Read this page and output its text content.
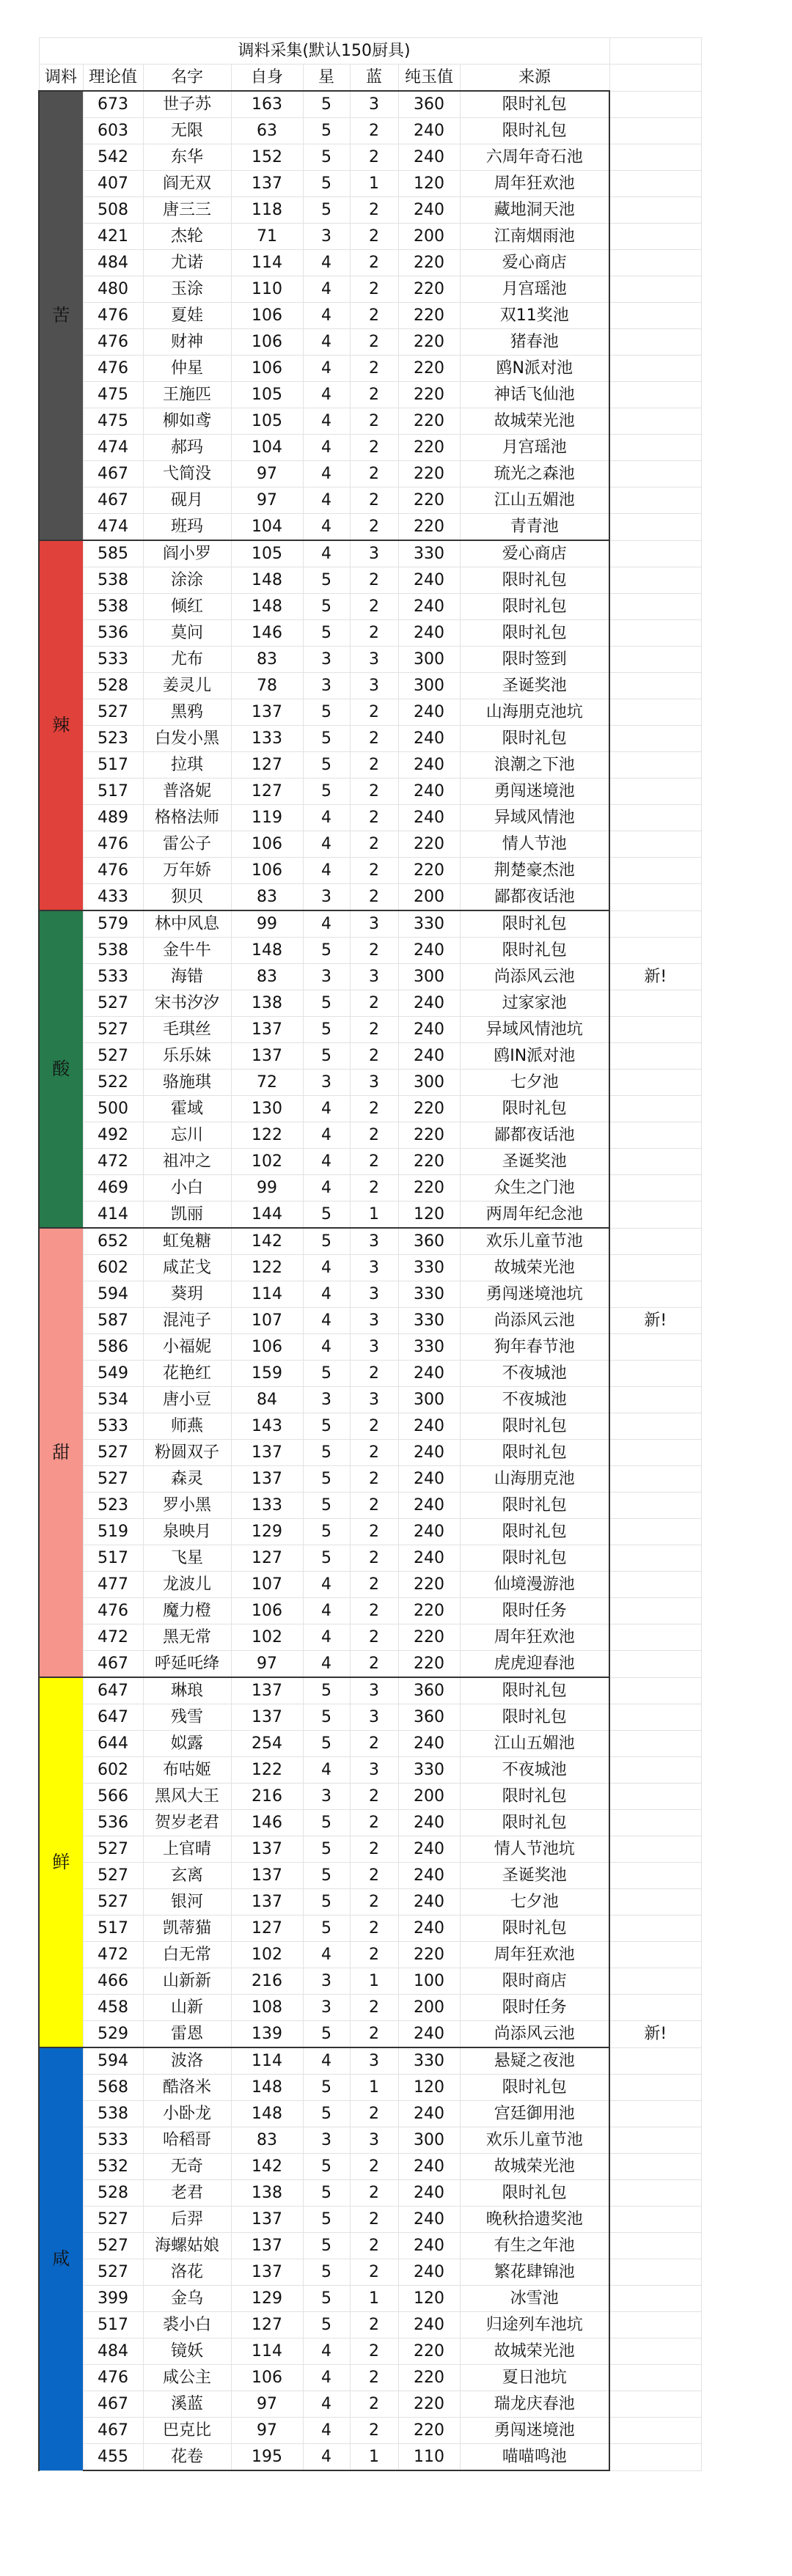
调料采集(默认150厨具)								
调料	理论值	名字	自身	星	蓝	纯玉值	来源	
苦	673	世子苏	163	5	3	360	限时礼包	
	603	无限	63	5	2	240	限时礼包	
	542	东华	152	5	2	240	六周年奇石池	
	407	阎无双	137	5	1	120	周年狂欢池	
	508	唐三三	118	5	2	240	藏地洞天池	
	421	杰轮	71	3	2	200	江南烟雨池	
	484	尤诺	114	4	2	220	爱心商店	
	480	玉涂	110	4	2	220	月宫瑶池	
	476	夏娃	106	4	2	220	双11奖池	
	476	财神	106	4	2	220	猪春池	
	476	仲星	106	4	2	220	鸥N派对池	
	475	王施匹	105	4	2	220	神话飞仙池	
	475	柳如鸢	105	4	2	220	故城荣光池	
	474	郝玛	104	4	2	220	月宫瑶池	
	467	弋简没	97	4	2	220	琉光之森池	
	467	砚月	97	4	2	220	江山五媚池	
	474	班玛	104	4	2	220	青青池	
辣	585	阎小罗	105	4	3	330	爱心商店	
	538	涂涂	148	5	2	240	限时礼包	
	538	倾红	148	5	2	240	限时礼包	
	536	莫问	146	5	2	240	限时礼包	
	533	尤布	83	3	3	300	限时签到	
	528	姜灵儿	78	3	3	300	圣诞奖池	
	527	黑鸦	137	5	2	240	山海朋克池坑	
	523	白发小黑	133	5	2	240	限时礼包	
	517	拉琪	127	5	2	240	浪潮之下池	
	517	普洛妮	127	5	2	240	勇闯迷境池	
	489	格格法师	119	4	2	240	异域风情池	
	476	雷公子	106	4	2	220	情人节池	
	476	万年娇	106	4	2	220	荆楚豪杰池	
	433	狈贝	83	3	2	200	鄙都夜话池	
酸	579	林中风息	99	4	3	330	限时礼包	
	538	金牛牛	148	5	2	240	限时礼包	
	533	海错	83	3	3	300	尚添风云池	新!
	527	宋书汐汐	138	5	2	240	过家家池	
	527	毛琪丝	137	5	2	240	异域风情池坑	
	527	乐乐妹	137	5	2	240	鸥IN派对池	
	522	骆施琪	72	3	3	300	七夕池	
	500	霍域	130	4	2	220	限时礼包	
	492	忘川	122	4	2	220	鄙都夜话池	
	472	祖冲之	102	4	2	220	圣诞奖池	
	469	小白	99	4	2	220	众生之门池	
	414	凯丽	144	5	1	120	两周年纪念池	
甜	652	虹兔糖	142	5	3	360	欢乐儿童节池	
	602	咸芷戈	122	4	3	330	故城荣光池	
	594	葵玥	114	4	3	330	勇闯迷境池坑	
	587	混沌子	107	4	3	330	尚添风云池	新!
	586	小福妮	106	4	3	330	狗年春节池	
	549	花艳红	159	5	2	240	不夜城池	
	534	唐小豆	84	3	3	300	不夜城池	
	533	师燕	143	5	2	240	限时礼包	
	527	粉圆双子	137	5	2	240	限时礼包	
	527	森灵	137	5	2	240	山海朋克池	
	523	罗小黑	133	5	2	240	限时礼包	
	519	泉映月	129	5	2	240	限时礼包	
	517	飞星	127	5	2	240	限时礼包	
	477	龙波儿	107	4	2	220	仙境漫游池	
	476	魔力橙	106	4	2	220	限时任务	
	472	黑无常	102	4	2	220	周年狂欢池	
	467	呼延吒绛	97	4	2	220	虎虎迎春池	
鲜	647	琳琅	137	5	3	360	限时礼包	
	647	残雪	137	5	3	360	限时礼包	
	644	姒露	254	5	2	240	江山五媚池	
	602	布咕姬	122	4	3	330	不夜城池	
	566	黑风大王	216	3	2	200	限时礼包	
	536	贺岁老君	146	5	2	240	限时礼包	
	527	上官晴	137	5	2	240	情人节池坑	
	527	玄离	137	5	2	240	圣诞奖池	
	527	银河	137	5	2	240	七夕池	
	517	凯蒂猫	127	5	2	240	限时礼包	
	472	白无常	102	4	2	220	周年狂欢池	
	466	山新新	216	3	1	100	限时商店	
	458	山新	108	3	2	200	限时任务	
	529	雷恩	139	5	2	240	尚添风云池	新!
咸	594	波洛	114	4	3	330	悬疑之夜池	
	568	酷洛米	148	5	1	120	限时礼包	
	538	小卧龙	148	5	2	240	宫廷御用池	
	533	哈稻哥	83	3	3	300	欢乐儿童节池	
	532	无奇	142	5	2	240	故城荣光池	
	528	老君	138	5	2	240	限时礼包	
	527	后羿	137	5	2	240	晚秋拾遗奖池	
	527	海螺姑娘	137	5	2	240	有生之年池	
	527	洛花	137	5	2	240	繁花肆锦池	
	399	金乌	129	5	1	120	冰雪池	
	517	裘小白	127	5	2	240	归途列车池坑	
	484	镜妖	114	4	2	220	故城荣光池	
	476	咸公主	106	4	2	220	夏日池坑	
	467	溪蓝	97	4	2	220	瑞龙庆春池	
	467	巴克比	97	4	2	220	勇闯迷境池	
	455	花卷	195	4	1	110	喵喵鸣池	
